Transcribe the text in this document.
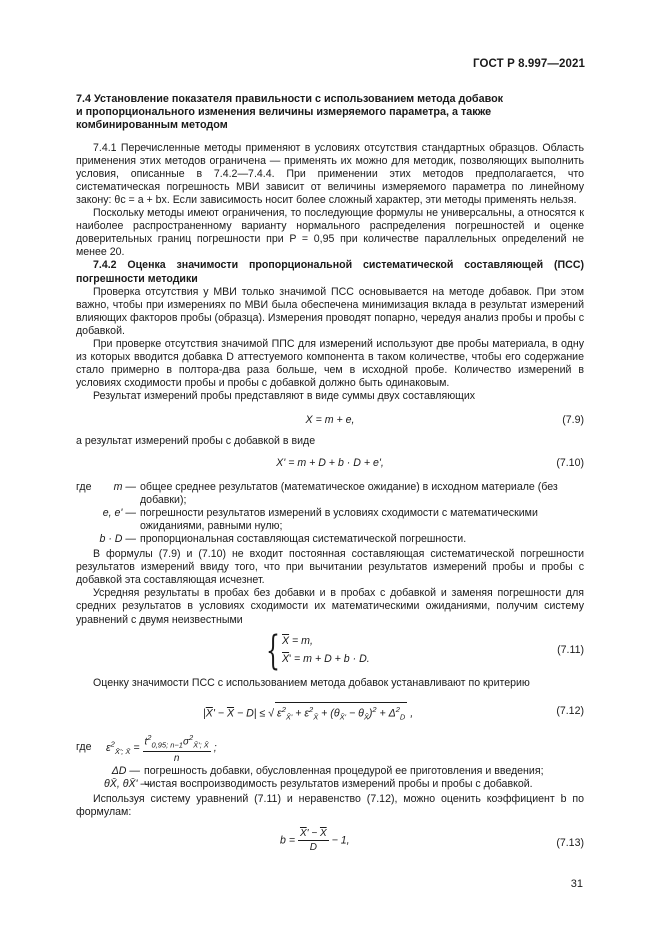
ГОСТ Р 8.997—2021
7.4 Установление показателя правильности с использованием метода добавок
и пропорционального изменения величины измеряемого параметра, а также
комбинированным методом

7.4.1 Перечисленные методы применяют в условиях отсутствия стандартных образцов. Область применения этих методов ограничена — применять их можно для методик, позволяющих выполнить условия, описанные в 7.4.2—7.4.4. При применении этих методов предполагается, что систематическая погрешность МВИ зависит от величины измеряемого параметра по линейному закону: θc = a + bx. Если зависимость носит более сложный характер, эти методы применять нельзя.

Поскольку методы имеют ограничения, то последующие формулы не универсальны, а относятся к наиболее распространенному варианту нормального распределения погрешностей и оценке доверительных границ погрешности при P = 0,95 при количестве параллельных определений не менее 20.

7.4.2 Оценка значимости пропорциональной систематической составляющей (ПСС) погрешности методики

Проверка отсутствия у МВИ только значимой ПСС основывается на методе добавок. При этом важно, чтобы при измерениях по МВИ была обеспечена минимизация вклада в результат измерений влияющих факторов пробы (образца). Измерения проводят попарно, чередуя анализ пробы и пробы с добавкой.

При проверке отсутствия значимой ППС для измерений используют две пробы материала, в одну из которых вводится добавка D аттестуемого компонента в таком количестве, чтобы его содержание стало примерно в полтора-два раза больше, чем в исходной пробе. Количество измерений в условиях сходимости пробы и пробы с добавкой должно быть одинаковым.

Результат измерений пробы представляют в виде суммы двух составляющих

X = m + e,	(7.9)

а результат измерений пробы с добавкой в виде

X' = m + D + b · D + e',	(7.10)
где	m — общее среднее результатов (математическое ожидание) в исходном материале (без добавки);
e, e' — погрешности результатов измерений в условиях сходимости с математическими ожиданиями, равными нулю;
b · D — пропорциональная составляющая систематической погрешности.

В формулы (7.9) и (7.10) не входит постоянная составляющая систематической погрешности результатов измерений ввиду того, что при вычитании результатов измерений пробы и пробы с добавкой эта составляющая исчезнет.

Усредняя результаты в пробах без добавки и в пробах с добавкой и заменяя погрешности для средних результатов в условиях сходимости их математическими ожиданиями, получим систему уравнений с двумя неизвестными

{ $\overline{X} = m$,
$\overline{X}' = m + D + b \cdot D$.
(7.11)

Оценку значимости ПСС с использованием метода добавок устанавливают по критерию

$|\overline{X}' - \overline{X} - D|$ ≤ √ $\varepsilon^2_{X̄'} + \varepsilon^2_{X̄} + (\theta_{X̄'} - \theta_{X̄})^2 + \Delta^2_D$ ,	(7.12)
где $\varepsilon^2_{X̄'; X̄} = \frac{t^2_{0,95; n-1}\sigma^2_{X̄'; X̄}}{n}$ ;
ΔD — погрешность добавки, обусловленная процедурой ее приготовления и введения;
θX̄, θX̄' —
чистая воспроизводимость результатов измерений пробы и пробы с добавкой.

Используя систему уравнений (7.11) и неравенство (7.12), можно оценить коэффициент b по формулам:

$b = \frac{\overline{X}' - \overline{X}}{D} - 1$,	(7.13)
31
